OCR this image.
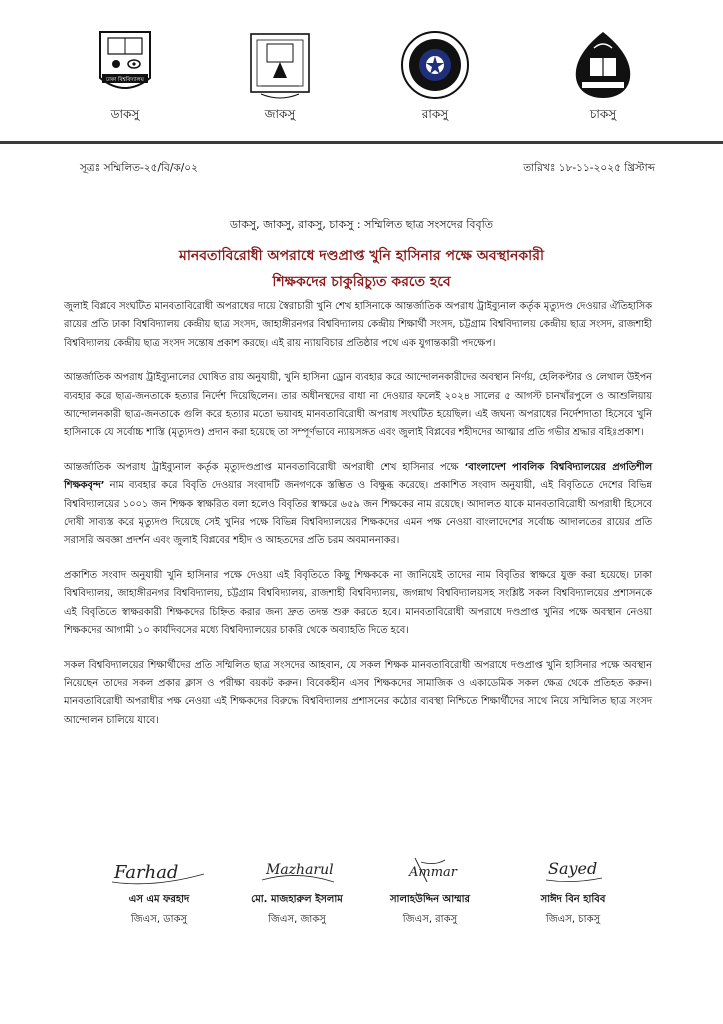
ঢাকা বিশ্ববিদ্যালয়
ডাকসু	জাকসু	রাকসু	চাকসু
সূত্রঃ সম্মিলিত-২৫/বি/ক/০২	তারিখঃ ১৮-১১-২০২৫ খ্রিস্টাব্দ
ডাকসু, জাকসু, রাকসু, চাকসু : সম্মিলিত ছাত্র সংসদের বিবৃতি
মানবতাবিরোধী অপরাধে দণ্ডপ্রাপ্ত খুনি হাসিনার পক্ষে অবস্থানকারী
শিক্ষকদের চাকুরিচ্যুত করতে হবে

জুলাই বিপ্লবে সংঘটিত মানবতাবিরোধী অপরাধের দায়ে স্বৈরাচারী খুনি শেখ হাসিনাকে আন্তর্জাতিক অপরাধ ট্রাইব্যুনাল কর্তৃক মৃত্যুদণ্ড দেওয়ার ঐতিহাসিক রায়ের প্রতি ঢাকা বিশ্ববিদ্যালয় কেন্দ্রীয় ছাত্র সংসদ, জাহাঙ্গীরনগর বিশ্ববিদ্যালয় কেন্দ্রীয় শিক্ষার্থী সংসদ, চট্টগ্রাম বিশ্ববিদ্যালয় কেন্দ্রীয় ছাত্র সংসদ, রাজশাহী বিশ্ববিদ্যালয় কেন্দ্রীয় ছাত্র সংসদ সন্তোষ প্রকাশ করছে। এই রায় ন্যায়বিচার প্রতিষ্ঠার পথে এক যুগান্তকারী পদক্ষেপ।

আন্তর্জাতিক অপরাধ ট্রাইব্যুনালের ঘোষিত রায় অনুযায়ী, খুনি হাসিনা ড্রোন ব্যবহার করে আন্দোলনকারীদের অবস্থান নির্ণয়, হেলিকপ্টার ও লেথাল উইপন ব্যবহার করে ছাত্র-জনতাকে হত্যার নির্দেশ দিয়েছিলেন। তার অধীনস্থদের বাধা না দেওয়ার ফলেই ২০২৪ সালের ৫ আগস্ট চানখাঁরপুলে ও আশুলিয়ায় আন্দোলনকারী ছাত্র-জনতাকে গুলি করে হত্যার মতো ভয়াবহ মানবতাবিরোধী অপরাধ সংঘটিত হয়েছিল। এই জঘন্য অপরাধের নির্দেশদাতা হিসেবে খুনি হাসিনাকে যে সর্বোচ্চ শাস্তি (মৃত্যুদণ্ড) প্রদান করা হয়েছে তা সম্পূর্ণভাবে ন্যায়সঙ্গত এবং জুলাই বিপ্লবের শহীদদের আত্মার প্রতি গভীর শ্রদ্ধার বহিঃপ্রকাশ।

আন্তর্জাতিক অপরাধ ট্রাইব্যুনাল কর্তৃক মৃত্যুদণ্ডপ্রাপ্ত মানবতাবিরোধী অপরাধী শেখ হাসিনার পক্ষে ‘বাংলাদেশ পাবলিক বিশ্ববিদ্যালয়ের প্রগতিশীল শিক্ষকবৃন্দ’ নাম ব্যবহার করে বিবৃতি দেওয়ার সংবাদটি জনগণকে স্তম্ভিত ও বিক্ষুব্ধ করেছে। প্রকাশিত সংবাদ অনুযায়ী, এই বিবৃতিতে দেশের বিভিন্ন বিশ্ববিদ্যালয়ের ১০০১ জন শিক্ষক স্বাক্ষরিত বলা হলেও বিবৃতির স্বাক্ষরে ৬৫৯ জন শিক্ষকের নাম রয়েছে। আদালত যাকে মানবতাবিরোধী অপরাধী হিসেবে দোষী সাব্যস্ত করে মৃত্যুদণ্ড দিয়েছে সেই খুনির পক্ষে বিভিন্ন বিশ্ববিদ্যালয়ের শিক্ষকদের এমন পক্ষ নেওয়া বাংলাদেশের সর্বোচ্চ আদালতের রায়ের প্রতি সরাসরি অবজ্ঞা প্রদর্শন এবং জুলাই বিপ্লবের শহীদ ও আহতদের প্রতি চরম অবমাননাকর।

প্রকাশিত সংবাদ অনুযায়ী খুনি হাসিনার পক্ষে দেওয়া এই বিবৃতিতে কিছু শিক্ষককে না জানিয়েই তাদের নাম বিবৃতির স্বাক্ষরে যুক্ত করা হয়েছে। ঢাকা বিশ্ববিদ্যালয়, জাহাঙ্গীরনগর বিশ্ববিদ্যালয়, চট্টগ্রাম বিশ্ববিদ্যালয়, রাজশাহী বিশ্ববিদ্যালয়, জগন্নাথ বিশ্ববিদ্যালয়সহ সংশ্লিষ্ট সকল বিশ্ববিদ্যালয়ের প্রশাসনকে এই বিবৃতিতে স্বাক্ষরকারী শিক্ষকদের চিহ্নিত করার জন্য দ্রুত তদন্ত শুরু করতে হবে। মানবতাবিরোধী অপরাধে দণ্ডপ্রাপ্ত খুনির পক্ষে অবস্থান নেওয়া শিক্ষকদের আগামী ১০ কার্যদিবসের মধ্যে বিশ্ববিদ্যালয়ের চাকরি থেকে অব্যাহতি দিতে হবে।

সকল বিশ্ববিদ্যালয়ের শিক্ষার্থীদের প্রতি সম্মিলিত ছাত্র সংসদের আহবান, যে সকল শিক্ষক মানবতাবিরোধী অপরাধে দণ্ডপ্রাপ্ত খুনি হাসিনার পক্ষে অবস্থান নিয়েছেন তাদের সকল প্রকার ক্লাস ও পরীক্ষা বয়কট করুন। বিবেকহীন এসব শিক্ষকদের সামাজিক ও একাডেমিক সকল ক্ষেত্র থেকে প্রতিহত করুন। মানবতাবিরোধী অপরাধীর পক্ষ নেওয়া এই শিক্ষকদের বিরুদ্ধে বিশ্ববিদ্যালয় প্রশাসনের কঠোর ব্যবস্থা নিশ্চিতে শিক্ষার্থীদের সাথে নিয়ে সম্মিলিত ছাত্র সংসদ আন্দোলন চালিয়ে যাবে।

Farhad
এস এম ফরহাদ
জিএস, ডাকসু
Mazharul
মো. মাজহারুল ইসলাম
জিএস, জাকসু
Ammar
সালাহউদ্দিন আম্মার
জিএস, রাকসু
Sayed
সাঈদ বিন হাবিব
জিএস, চাকসু
